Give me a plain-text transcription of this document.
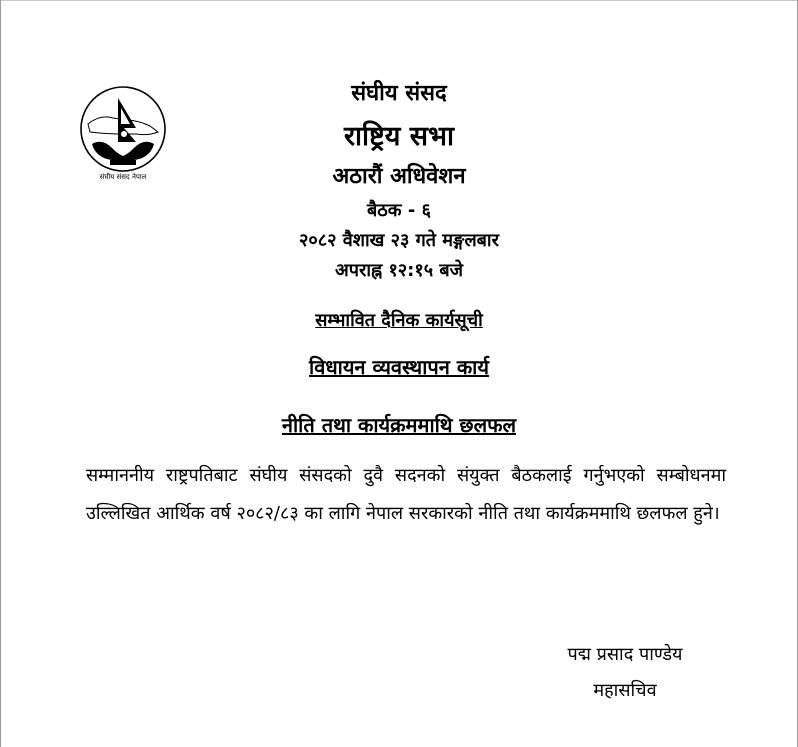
संघीय संसद नेपाल
संघीय संसद
राष्ट्रिय सभा
अठारौं अधिवेशन
बैठक - ६
२०८२ वैशाख २३ गते मङ्गलबार
अपराह्न १२:१५ बजे
सम्भावित दैनिक कार्यसूची
विधायन व्यवस्थापन कार्य
नीति तथा कार्यक्रममाथि छलफल
सम्माननीय राष्ट्रपतिबाट संघीय संसदको दुवै सदनको संयुक्त बैठकलाई गर्नुभएको सम्बोधनमा उल्लिखित आर्थिक वर्ष २०८२/८३ का लागि नेपाल सरकारको नीति तथा कार्यक्रममाथि छलफल हुने।
पद्म प्रसाद पाण्डेय
महासचिव
